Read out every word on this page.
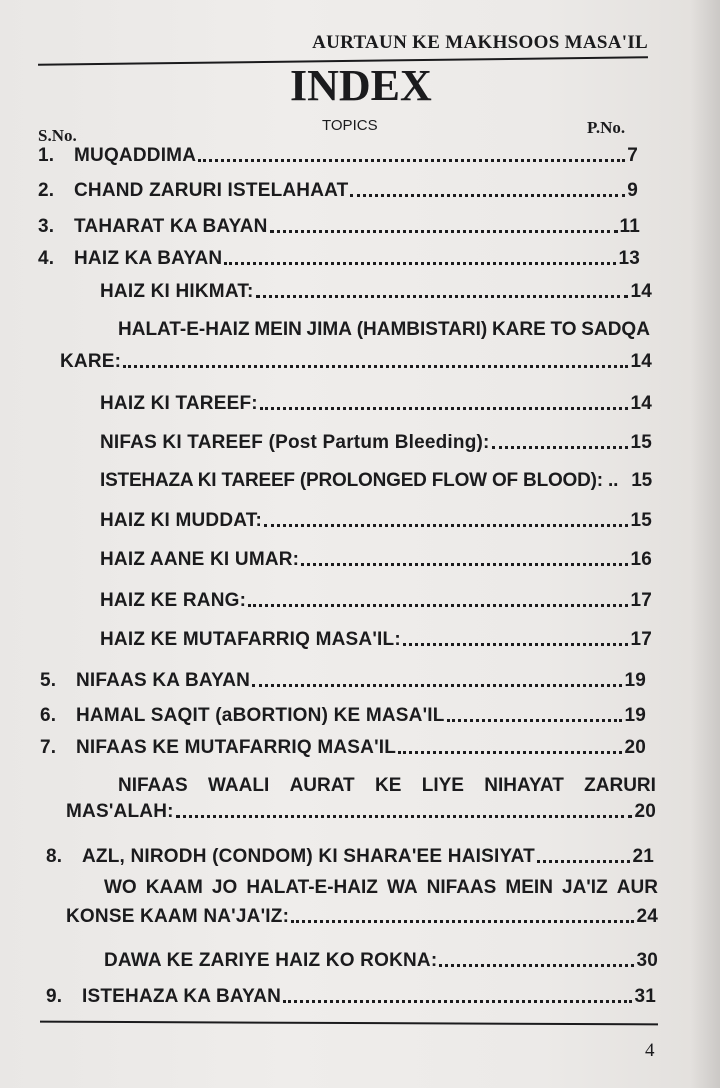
AURTAUN KE MAKHSOOS MASA'IL
INDEX
S.No.
TOPICS	P.No.
1.	MUQADDIMA	7
2.	CHAND ZARURI ISTELAHAAT	9
3.	TAHARAT KA BAYAN	11
4.	HAIZ KA BAYAN	13
HAIZ KI HIKMAT:	14
HALAT-E-HAIZ MEIN JIMA (HAMBISTARI) KARE TO SADQA
KARE:	14
HAIZ KI TAREEF:	14
NIFAS KI TAREEF (Post Partum Bleeding):	15
ISTEHAZA KI TAREEF (PROLONGED FLOW OF BLOOD): .. 15
HAIZ KI MUDDAT:	15
HAIZ AANE KI UMAR:	16
HAIZ KE RANG:	17
HAIZ KE MUTAFARRIQ MASA'IL:	17
5.	NIFAAS KA BAYAN	19
6.	HAMAL SAQIT (aBORTION) KE MASA'IL	19
7.	NIFAAS KE MUTAFARRIQ MASA'IL	20
NIFAAS WAALI AURAT KE LIYE NIHAYAT ZARURI
MAS'ALAH:	20
8.	AZL, NIRODH (CONDOM) KI SHARA'EE HAISIYAT	21
WO KAAM JO HALAT-E-HAIZ WA NIFAAS MEIN JA'IZ AUR
KONSE KAAM NA'JA'IZ:	24
DAWA KE ZARIYE HAIZ KO ROKNA:	30
9.	ISTEHAZA KA BAYAN	31
4
